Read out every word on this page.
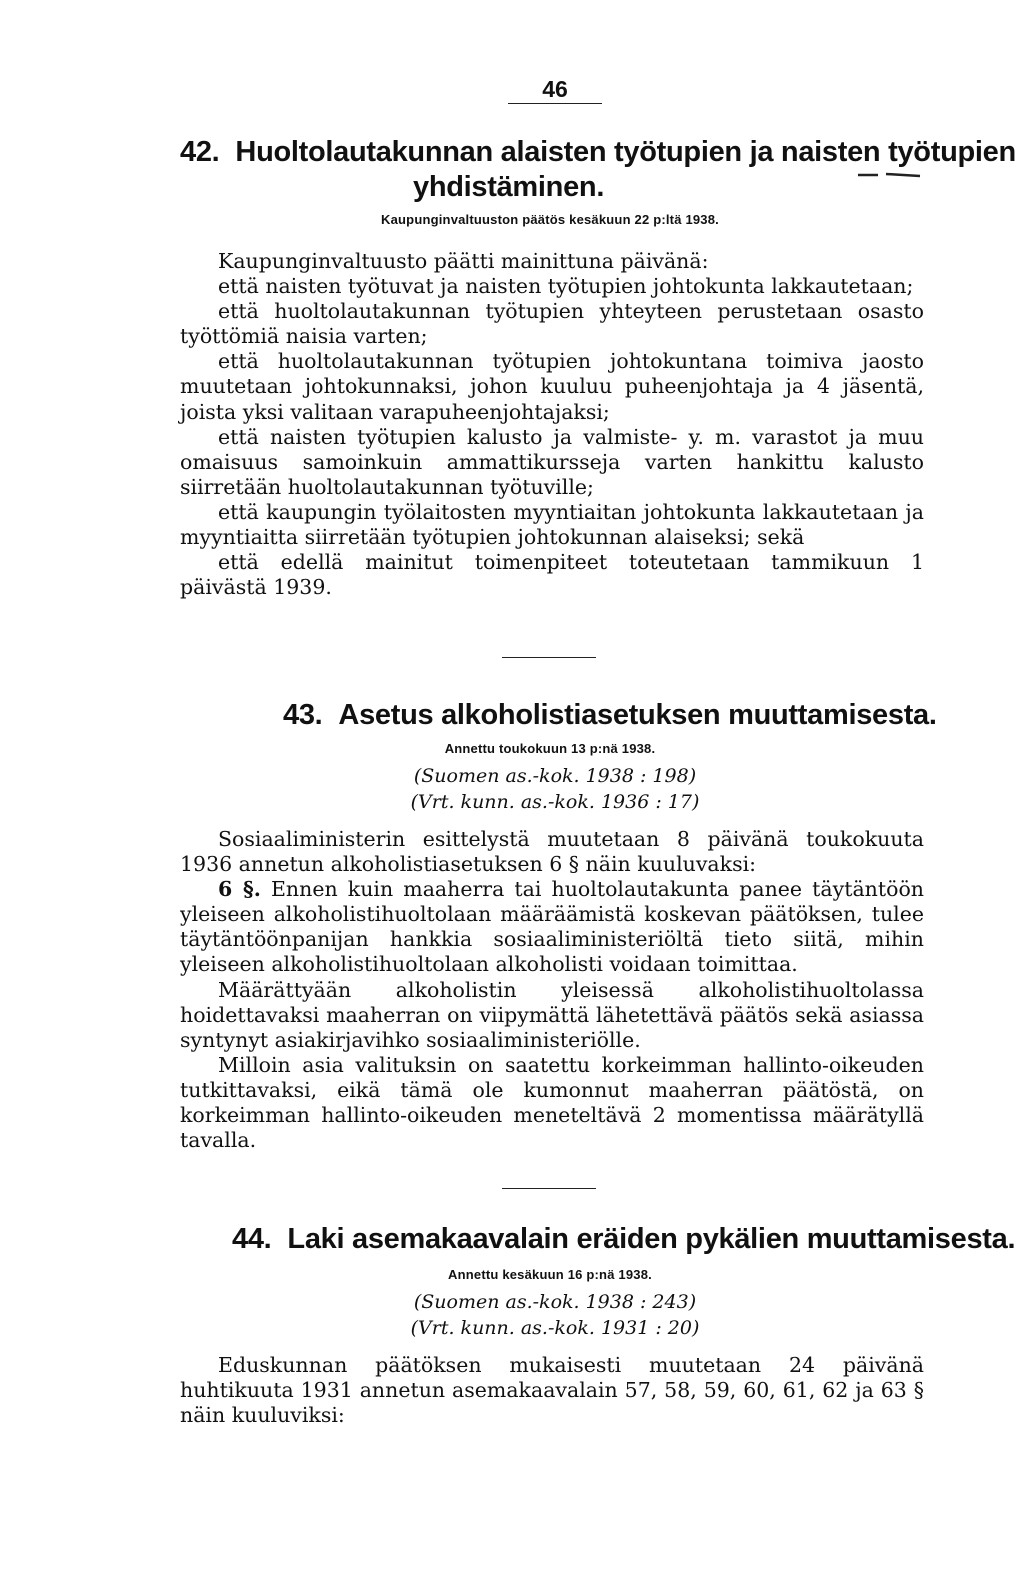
46
42. Huoltolautakunnan alaisten työtupien ja naisten työtupien
yhdistäminen.
Kaupunginvaltuuston päätös kesäkuun 22 p:ltä 1938.

Kaupunginvaltuusto päätti mainittuna päivänä:

että naisten työtuvat ja naisten työtupien johtokunta lakkautetaan;

että huoltolautakunnan työtupien yhteyteen perustetaan osasto työttömiä naisia varten;

että huoltolautakunnan työtupien johtokuntana toimiva jaosto muutetaan johtokunnaksi, johon kuuluu puheenjohtaja ja 4 jäsentä, joista yksi valitaan varapuheenjohtajaksi;

että naisten työtupien kalusto ja valmiste- y. m. varastot ja muu omaisuus samoinkuin ammattikursseja varten hankittu kalusto siirretään huoltolautakunnan työtuville;

että kaupungin työlaitosten myyntiaitan johtokunta lakkautetaan ja myyntiaitta siirretään työtupien johtokunnan alaiseksi; sekä

että edellä mainitut toimenpiteet toteutetaan tammikuun 1 päivästä 1939.

43. Asetus alkoholistiasetuksen muuttamisesta.
Annettu toukokuun 13 p:nä 1938.
(Suomen as.-kok. 1938 : 198)
(Vrt. kunn. as.-kok. 1936 : 17)

Sosiaaliministerin esittelystä muutetaan 8 päivänä toukokuuta 1936 annetun alkoholistiasetuksen 6 § näin kuuluvaksi:

6 §. Ennen kuin maaherra tai huoltolautakunta panee täytäntöön yleiseen alkoholistihuoltolaan määräämistä koskevan päätöksen, tulee täytäntöönpanijan hankkia sosiaaliministeriöltä tieto siitä, mihin yleiseen alkoholistihuoltolaan alkoholisti voidaan toimittaa.

Määrättyään alkoholistin yleisessä alkoholistihuoltolassa hoidettavaksi maaherran on viipymättä lähetettävä päätös sekä asiassa syntynyt asiakirjavihko sosiaaliministeriölle.

Milloin asia valituksin on saatettu korkeimman hallinto-oikeuden tutkittavaksi, eikä tämä ole kumonnut maaherran päätöstä, on korkeimman hallinto-oikeuden meneteltävä 2 momentissa määrätyllä tavalla.

44. Laki asemakaavalain eräiden pykälien muuttamisesta.
Annettu kesäkuun 16 p:nä 1938.
(Suomen as.-kok. 1938 : 243)
(Vrt. kunn. as.-kok. 1931 : 20)

Eduskunnan päätöksen mukaisesti muutetaan 24 päivänä huhtikuuta 1931 annetun asemakaavalain 57, 58, 59, 60, 61, 62 ja 63 § näin kuuluviksi:
